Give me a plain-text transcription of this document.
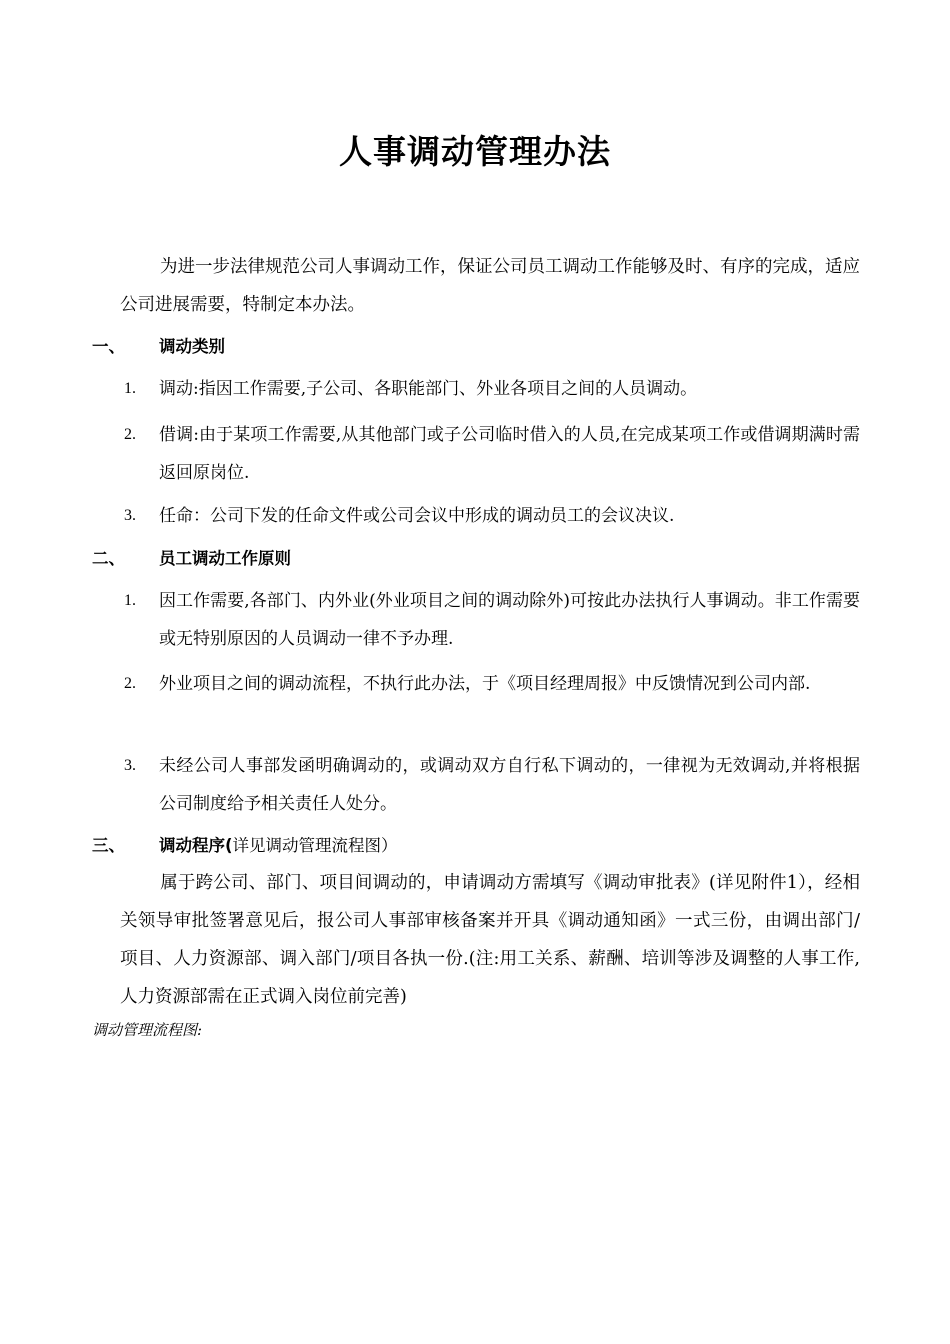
人事调动管理办法
为进一步法律规范公司人事调动工作，保证公司员工调动工作能够及时、有序的完成，适应公司进展需要，特制定本办法。
一、 调动类别
1.	调动:指因工作需要,子公司、各职能部门、外业各项目之间的人员调动。
2.	借调:由于某项工作需要,从其他部门或子公司临时借入的人员,在完成某项工作或借调期满时需返回原岗位.
3.	任命：公司下发的任命文件或公司会议中形成的调动员工的会议决议.
二、 员工调动工作原则
1.	因工作需要,各部门、内外业(外业项目之间的调动除外)可按此办法执行人事调动。非工作需要或无特别原因的人员调动一律不予办理.
2.	外业项目之间的调动流程，不执行此办法，于《项目经理周报》中反馈情况到公司内部.
3.	未经公司人事部发函明确调动的，或调动双方自行私下调动的，一律视为无效调动,并将根据公司制度给予相关责任人处分。
三、 调动程序(详见调动管理流程图）
属于跨公司、部门、项目间调动的，申请调动方需填写《调动审批表》(详见附件1），经相关领导审批签署意见后，报公司人事部审核备案并开具《调动通知函》一式三份，由调出部门/项目、人力资源部、调入部门/项目各执一份.(注:用工关系、薪酬、培训等涉及调整的人事工作,人力资源部需在正式调入岗位前完善)
调动管理流程图:
